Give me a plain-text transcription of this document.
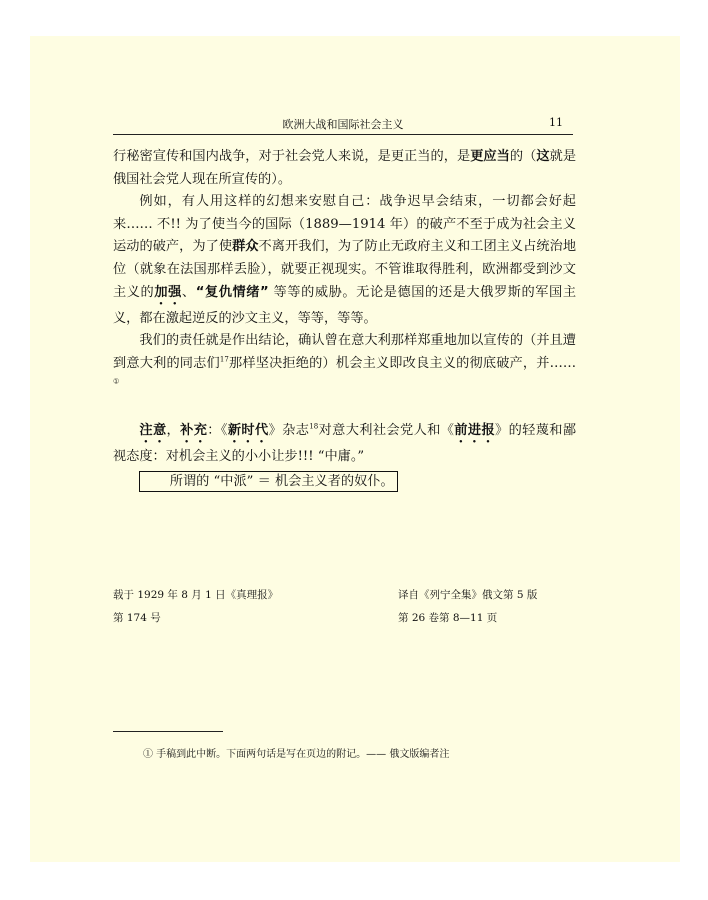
欧洲大战和国际社会主义	11

行秘密宣传和国内战争，对于社会党人来说，是更正当的，是更应当的（这就是俄国社会党人现在所宣传的）。

例如，有人用这样的幻想来安慰自己：战争迟早会结束，一切都会好起来…… 不!! 为了使当今的国际（1889—1914 年）的破产不至于成为社会主义运动的破产，为了使群众不离开我们，为了防止无政府主义和工团主义占统治地位（就象在法国那样丢脸），就要正视现实。不管谁取得胜利，欧洲都受到沙文主义的加强、“复仇情绪” 等等的威胁。无论是德国的还是大俄罗斯的军国主义，都在激起逆反的沙文主义，等等，等等。

我们的责任就是作出结论，确认曾在意大利那样郑重地加以宣传的（并且遭到意大利的同志们$^{17}$那样坚决拒绝的）机会主义即改良主义的彻底破产，并……①

注意，补充：《新时代》杂志$^{18}$对意大利社会党人和《前进报》的轻蔑和鄙视态度：对机会主义的小小让步!!! “中庸。”

所谓的 “中派” ＝ 机会主义者的奴仆。

载于 1929 年 8 月 1 日《真理报》
第 174 号
译自《列宁全集》俄文第 5 版
第 26 卷第 8—11 页
① 手稿到此中断。下面两句话是写在页边的附记。—— 俄文版编者注
